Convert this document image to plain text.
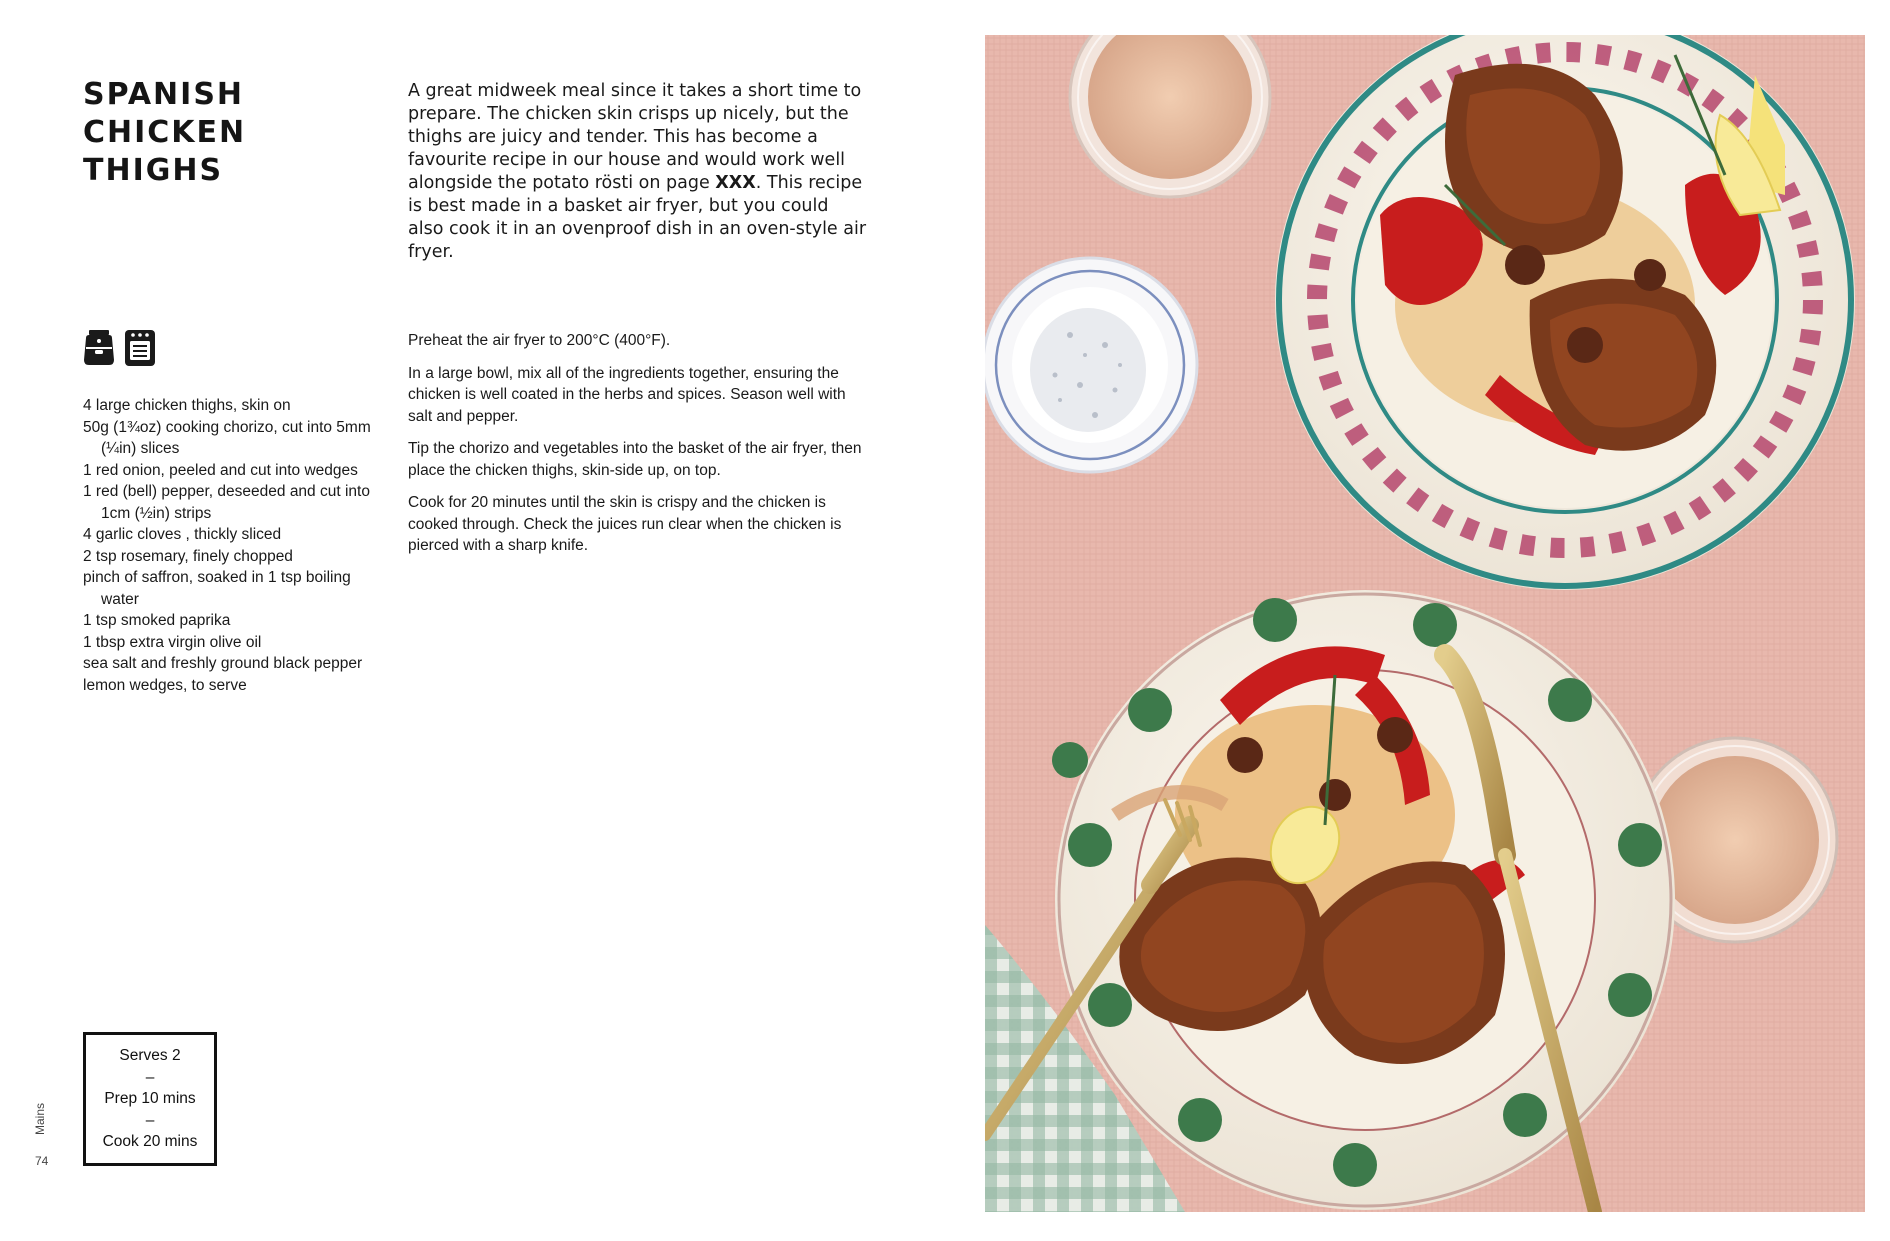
SPANISH
CHICKEN THIGHS

A great midweek meal since it takes a short time to prepare. The chicken skin crisps up nicely, but the thighs are juicy and tender. This has become a favourite recipe in our house and would work well alongside the potato rösti on page XXX. This recipe is best made in a basket air fryer, but you could also cook it in an ovenproof dish in an oven-style air fryer.

4 large chicken thighs, skin on
50g (1¾oz) cooking chorizo, cut into 5mm (¼in) slices
1 red onion, peeled and cut into wedges
1 red (bell) pepper, deseeded and cut into 1cm (½in) strips
4 garlic cloves , thickly sliced
2 tsp rosemary, finely chopped
pinch of saffron, soaked in 1 tsp boiling water
1 tsp smoked paprika
1 tbsp extra virgin olive oil
sea salt and freshly ground black pepper
lemon wedges, to serve

Preheat the air fryer to 200°C (400°F).

In a large bowl, mix all of the ingredients together, ensuring the chicken is well coated in the herbs and spices. Season well with salt and pepper.

Tip the chorizo and vegetables into the basket of the air fryer, then place the chicken thighs, skin-side up, on top.

Cook for 20 minutes until the skin is crispy and the chicken is cooked through. Check the juices run clear when the chicken is pierced with a sharp knife.

Serves 2
–
Prep 10 mins
–
Cook 20 mins
Mains
74
